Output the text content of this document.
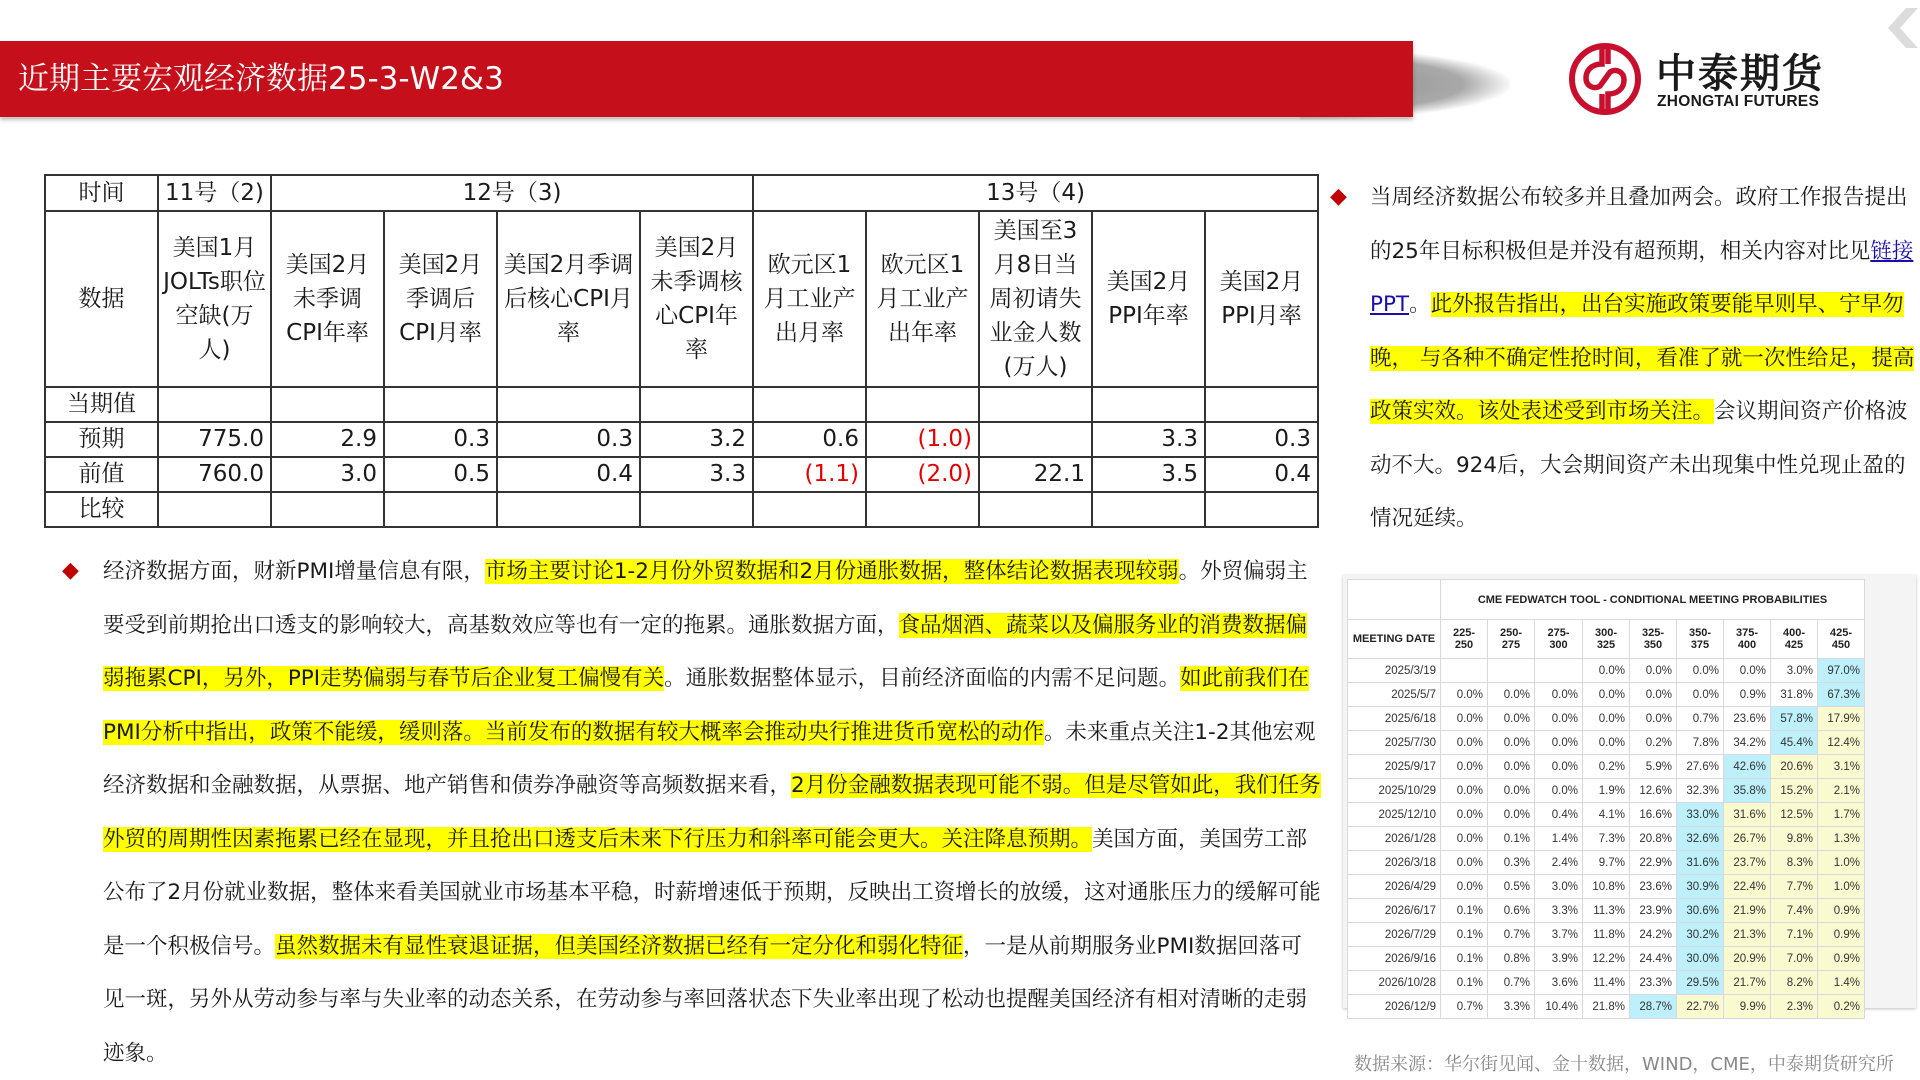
近期主要宏观经济数据25-3-W2&3	中泰期货
ZHONGTAI FUTURES
时间	11号（2)	12号（3)				13号（4)				
数据	美国1月JOLTs职位空缺(万人)	美国2月未季调CPI年率	美国2月季调后CPI月率	美国2月季调后核心CPI月率	美国2月未季调核心CPI年率	欧元区1月工业产出月率	欧元区1月工业产出年率	美国至3月8日当周初请失业金人数(万人)	美国2月PPI年率	美国2月PPI月率
当期值										
预期	775.0	2.9	0.3	0.3	3.2	0.6	(1.0)		3.3	0.3
前值	760.0	3.0	0.5	0.4	3.3	(1.1)	(2.0)	22.1	3.5	0.4
比较										
◆ 当周经济数据公布较多并且叠加两会。政府工作报告提出的25年目标积极但是并没有超预期，相关内容对比见链接PPT。此外报告指出，出台实施政策要能早则早、宁早勿晚， 与各种不确定性抢时间，看准了就一次性给足，提高政策实效。该处表述受到市场关注。会议期间资产价格波动不大。924后，大会期间资产未出现集中性兑现止盈的情况延续。
◆ 经济数据方面，财新PMI增量信息有限，市场主要讨论1-2月份外贸数据和2月份通胀数据，整体结论数据表现较弱。外贸偏弱主要受到前期抢出口透支的影响较大，高基数效应等也有一定的拖累。通胀数据方面，食品烟酒、蔬菜以及偏服务业的消费数据偏弱拖累CPI，另外，PPI走势偏弱与春节后企业复工偏慢有关。通胀数据整体显示，目前经济面临的内需不足问题。如此前我们在PMI分析中指出，政策不能缓，缓则落。当前发布的数据有较大概率会推动央行推进货币宽松的动作。未来重点关注1-2其他宏观经济数据和金融数据，从票据、地产销售和债券净融资等高频数据来看，2月份金融数据表现可能不弱。但是尽管如此，我们任务外贸的周期性因素拖累已经在显现，并且抢出口透支后未来下行压力和斜率可能会更大。关注降息预期。美国方面，美国劳工部公布了2月份就业数据，整体来看美国就业市场基本平稳，时薪增速低于预期，反映出工资增长的放缓，这对通胀压力的缓解可能是一个积极信号。虽然数据未有显性衰退证据，但美国经济数据已经有一定分化和弱化特征，一是从前期服务业PMI数据回落可见一斑，另外从劳动参与率与失业率的动态关系，在劳动参与率回落状态下失业率出现了松动也提醒美国经济有相对清晰的走弱迹象。
	CME FEDWATCH TOOL - CONDITIONAL MEETING PROBABILITIES								
MEETING DATE	225-250	250-275	275-300	300-325	325-350	350-375	375-400	400-425	425-450
2025/3/19				0.0%	0.0%	0.0%	0.0%	3.0%	97.0%
2025/5/7	0.0%	0.0%	0.0%	0.0%	0.0%	0.0%	0.9%	31.8%	67.3%
2025/6/18	0.0%	0.0%	0.0%	0.0%	0.0%	0.7%	23.6%	57.8%	17.9%
2025/7/30	0.0%	0.0%	0.0%	0.0%	0.2%	7.8%	34.2%	45.4%	12.4%
2025/9/17	0.0%	0.0%	0.0%	0.2%	5.9%	27.6%	42.6%	20.6%	3.1%
2025/10/29	0.0%	0.0%	0.0%	1.9%	12.6%	32.3%	35.8%	15.2%	2.1%
2025/12/10	0.0%	0.0%	0.4%	4.1%	16.6%	33.0%	31.6%	12.5%	1.7%
2026/1/28	0.0%	0.1%	1.4%	7.3%	20.8%	32.6%	26.7%	9.8%	1.3%
2026/3/18	0.0%	0.3%	2.4%	9.7%	22.9%	31.6%	23.7%	8.3%	1.0%
2026/4/29	0.0%	0.5%	3.0%	10.8%	23.6%	30.9%	22.4%	7.7%	1.0%
2026/6/17	0.1%	0.6%	3.3%	11.3%	23.9%	30.6%	21.9%	7.4%	0.9%
2026/7/29	0.1%	0.7%	3.7%	11.8%	24.2%	30.2%	21.3%	7.1%	0.9%
2026/9/16	0.1%	0.8%	3.9%	12.2%	24.4%	30.0%	20.9%	7.0%	0.9%
2026/10/28	0.1%	0.7%	3.6%	11.4%	23.3%	29.5%	21.7%	8.2%	1.4%
2026/12/9	0.7%	3.3%	10.4%	21.8%	28.7%	22.7%	9.9%	2.3%	0.2%
数据来源：华尔街见闻、金十数据，WIND，CME，中泰期货研究所
